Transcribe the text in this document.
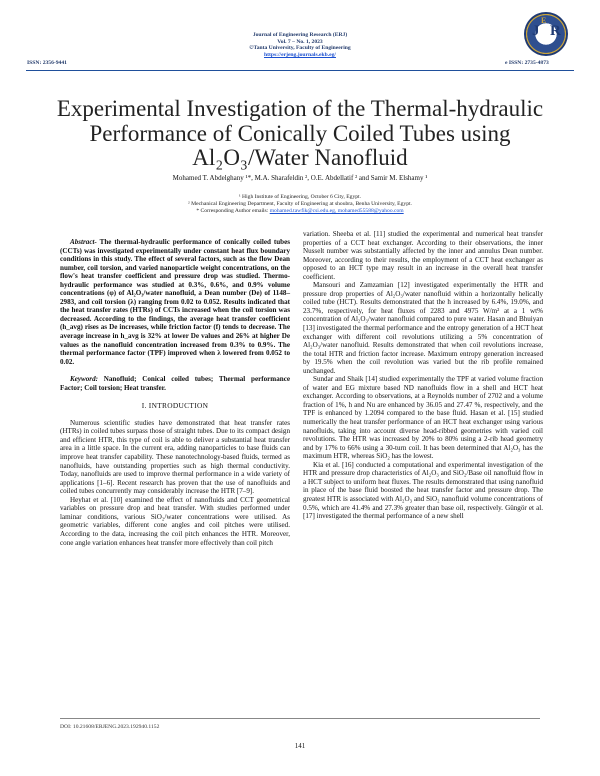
ISSN: 2356-9441
Journal of Engineering Research (ERJ)
Vol. 7 – No. 1, 2023
©Tanta University, Faculty of Engineering
https://erjeng.journals.ekb.eg/
e ISSN: 2735-4873
E
J R
Experimental Investigation of the Thermal-hydraulic
Performance of Conically Coiled Tubes using
Al₂O₃/Water Nanofluid
Mohamed T. Abdelghany ¹*, M.A. Sharafeldin ², O.E. Abdellatif ² and Samir M. Elshamy ¹
¹ High Institute of Engineering, October 6 City, Egypt.
² Mechanical Engineering Department, Faculty of Engineering at shoubra, Benha University, Egypt.
* Corresponding Author emails: mohamed.tawfik@csi.edu.eg, mohamed55588@yahoo.com
Abstract- The thermal-hydraulic performance of conically coiled tubes (CCTs) was investigated experimentally under constant heat flux boundary conditions in this study. The effect of several factors, such as the flow Dean number, coil torsion, and varied nanoparticle weight concentrations, on the flow's heat transfer coefficient and pressure drop was studied. Thermo-hydraulic performance was studied at 0.3%, 0.6%, and 0.9% volume concentrations (φ) of Al₂O₃/water nanofluid, a Dean number (De) of 1148–2983, and coil torsion (λ) ranging from 0.02 to 0.052. Results indicated that the heat transfer rates (HTRs) of CCTs increased when the coil torsion was decreased. According to the findings, the average heat transfer coefficient (h_avg) rises as De increases, while friction factor (f) tends to decrease. The average increase in h_avg is 32% at lower De values and 26% at higher De values as the nanofluid concentration increased from 0.3% to 0.9%. The thermal performance factor (TPF) improved when λ lowered from 0.052 to 0.02.

Keyword: Nanofluid; Conical coiled tubes; Thermal performance Factor; Coil torsion; Heat transfer.

I. INTRODUCTION

Numerous scientific studies have demonstrated that heat transfer rates (HTRs) in coiled tubes surpass those of straight tubes. Due to its compact design and efficient HTR, this type of coil is able to deliver a substantial heat transfer area in a little space. In the current era, adding nanoparticles to base fluids can improve heat transfer capability. These nanotechnology-based fluids, termed as nanofluids, have outstanding properties such as high thermal conductivity. Today, nanofluids are used to improve thermal performance in a wide variety of applications [1–6]. Recent research has proven that the use of nanofluids and coiled tubes concurrently may considerably increase the HTR [7–9].

Heyhat et al. [10] examined the effect of nanofluids and CCT geometrical variables on pressure drop and heat transfer. With studies performed under laminar conditions, various SiO₂/water concentrations were utilised. As geometric variables, different cone angles and coil pitches were utilised. According to the data, increasing the coil pitch enhances the HTR. Moreover, cone angle variation enhances heat transfer more effectively than coil pitch

variation. Sheeba et al. [11] studied the experimental and numerical heat transfer properties of a CCT heat exchanger. According to their observations, the inner Nusselt number was substantially affected by the inner and annulus Dean number. Moreover, according to their results, the employment of a CCT heat exchanger as opposed to an HCT type may result in an increase in the overall heat transfer coefficient.

Mansouri and Zamzamian [12] investigated experimentally the HTR and pressure drop properties of Al₂O₃/water nanofluid within a horizontally helically coiled tube (HCT). Results demonstrated that the h increased by 6.4%, 19.0%, and 23.7%, respectively, for heat fluxes of 2283 and 4975 W/m² at a 1 wt% concentration of Al₂O₃/water nanofluid compared to pure water. Hasan and Bhuiyan [13] investigated the thermal performance and the entropy generation of a HCT heat exchanger with different coil revolutions utilizing a 5% concentration of Al₂O₃/water nanofluid. Results demonstrated that when coil revolutions increase, the total HTR and friction factor increase. Maximum entropy generation increased by 19.5% when the coil revolution was varied but the rib profile remained unchanged.

Sundar and Shaik [14] studied experimentally the TPF at varied volume fraction of water and EG mixture based ND nanofluids flow in a shell and HCT heat exchanger. According to observations, at a Reynolds number of 2702 and a volume fraction of 1%, h and Nu are enhanced by 36.05 and 27.47 %, respectively, and the TPF is enhanced by 1.2094 compared to the base fluid. Hasan et al. [15] studied numerically the heat transfer performance of an HCT heat exchanger using various nanofluids, taking into account diverse head-ribbed geometries with varied coil revolutions. The HTR was increased by 20% to 80% using a 2-rib head geometry and by 17% to 66% using a 30-turn coil. It has been determined that Al₂O₃ has the maximum HTR, whereas SiO₂ has the lowest.

Kia et al. [16] conducted a computational and experimental investigation of the HTR and pressure drop characteristics of Al₂O₃ and SiO₂/Base oil nanofluid flow in a HCT subject to uniform heat fluxes. The results demonstrated that using nanofluid in place of the base fluid boosted the heat transfer factor and pressure drop. The greatest HTR is associated with Al₂O₃ and SiO₂ nanofluid volume concentrations of 0.5%, which are 41.4% and 27.3% greater than base oil, respectively. Güngör et al. [17] investigated the thermal performance of a new shell

DOI: 10.21608/ERJENG.2023.192940.1152
141
